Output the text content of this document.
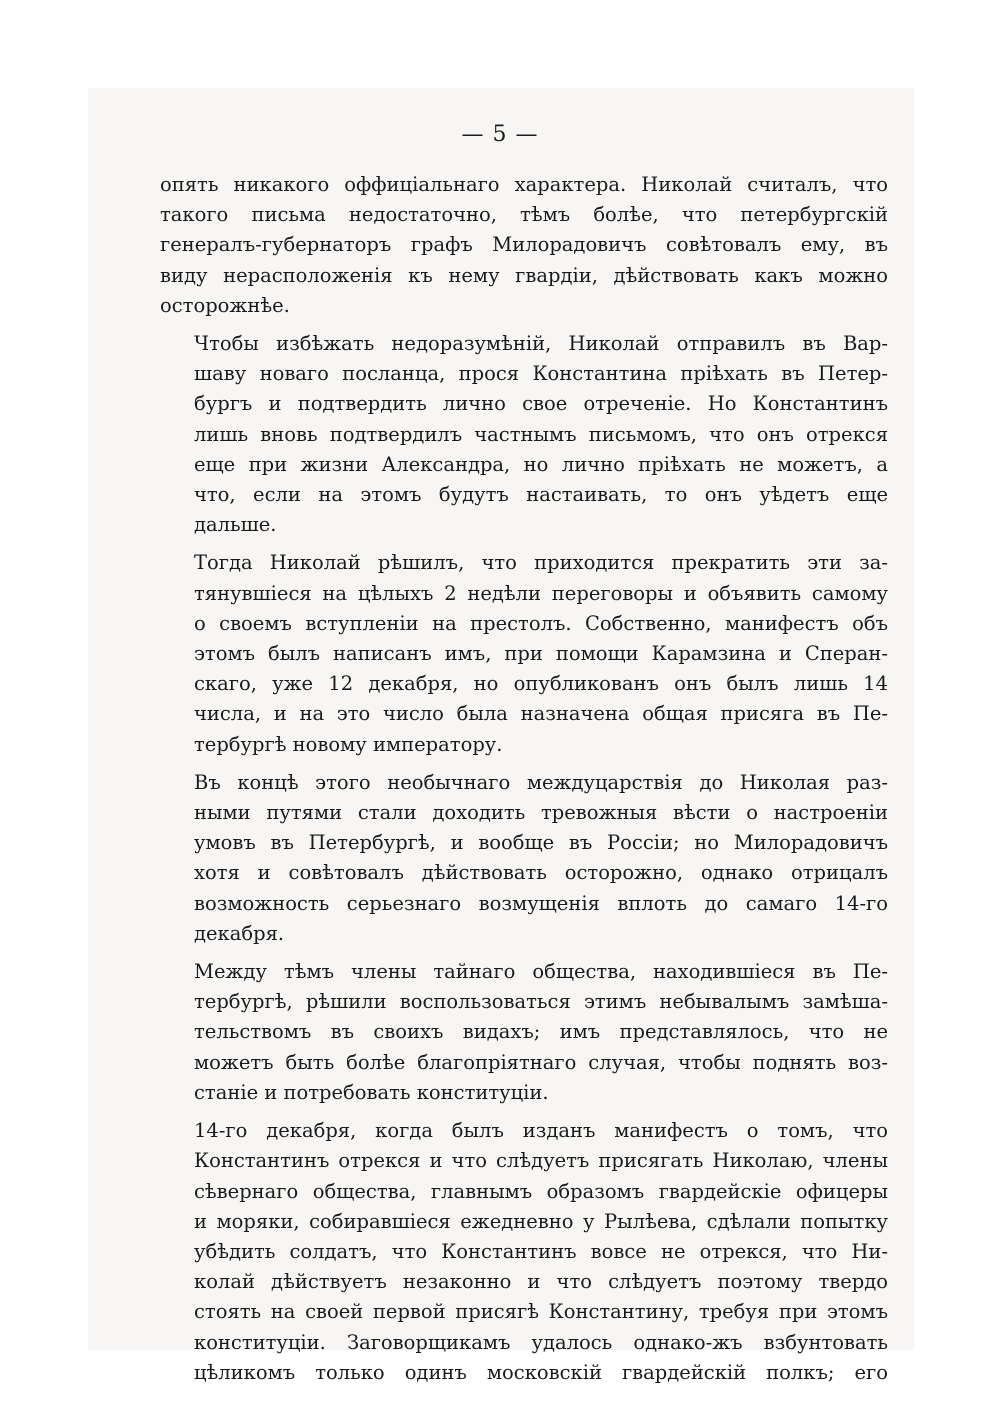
— 5 —

опять никакого оффиціальнаго характера. Николай считалъ, что
такого письма недостаточно, тѣмъ болѣе, что петербургскій
генералъ-губернаторъ графъ Милорадовичъ совѣтовалъ ему, въ
виду нерасположенія къ нему гвардіи, дѣйствовать какъ можно
осторожнѣе.

Чтобы избѣжать недоразумѣній, Николай отправилъ въ Вар-
шаву новаго посланца, прося Константина пріѣхать въ Петер-
бургъ и подтвердить лично свое отреченіе. Но Константинъ
лишь вновь подтвердилъ частнымъ письмомъ, что онъ отрекся
еще при жизни Александра, но лично пріѣхать не можетъ, а
что, если на этомъ будутъ настаивать, то онъ уѣдетъ еще
дальше.

Тогда Николай рѣшилъ, что приходится прекратить эти за-
тянувшіеся на цѣлыхъ 2 недѣли переговоры и объявить самому
о своемъ вступленіи на престолъ. Собственно, манифестъ объ
этомъ былъ написанъ имъ, при помощи Карамзина и Сперан-
скаго, уже 12 декабря, но опубликованъ онъ былъ лишь 14
числа, и на это число была назначена общая присяга въ Пе-
тербургѣ новому императору.

Въ концѣ этого необычнаго междуцарствія до Николая раз-
ными путями стали доходить тревожныя вѣсти о настроеніи
умовъ въ Петербургѣ, и вообще въ Россіи; но Милорадовичъ
хотя и совѣтовалъ дѣйствовать осторожно, однако отрицалъ
возможность серьезнаго возмущенія вплоть до самаго 14-го
декабря.

Между тѣмъ члены тайнаго общества, находившіеся въ Пе-
тербургѣ, рѣшили воспользоваться этимъ небывалымъ замѣша-
тельствомъ въ своихъ видахъ; имъ представлялось, что не
можетъ быть болѣе благопріятнаго случая, чтобы поднять воз-
станіе и потребовать конституціи.

14-го декабря, когда былъ изданъ манифестъ о томъ, что
Константинъ отрекся и что слѣдуетъ присягать Николаю, члены
сѣвернаго общества, главнымъ образомъ гвардейскіе офицеры
и моряки, собиравшіеся ежедневно у Рылѣева, сдѣлали попытку
убѣдить солдатъ, что Константинъ вовсе не отрекся, что Ни-
колай дѣйствуетъ незаконно и что слѣдуетъ поэтому твердо
стоять на своей первой присягѣ Константину, требуя при этомъ
конституціи. Заговорщикамъ удалось однако-жъ взбунтовать
цѣликомъ только одинъ московскій гвардейскій полкъ; его
